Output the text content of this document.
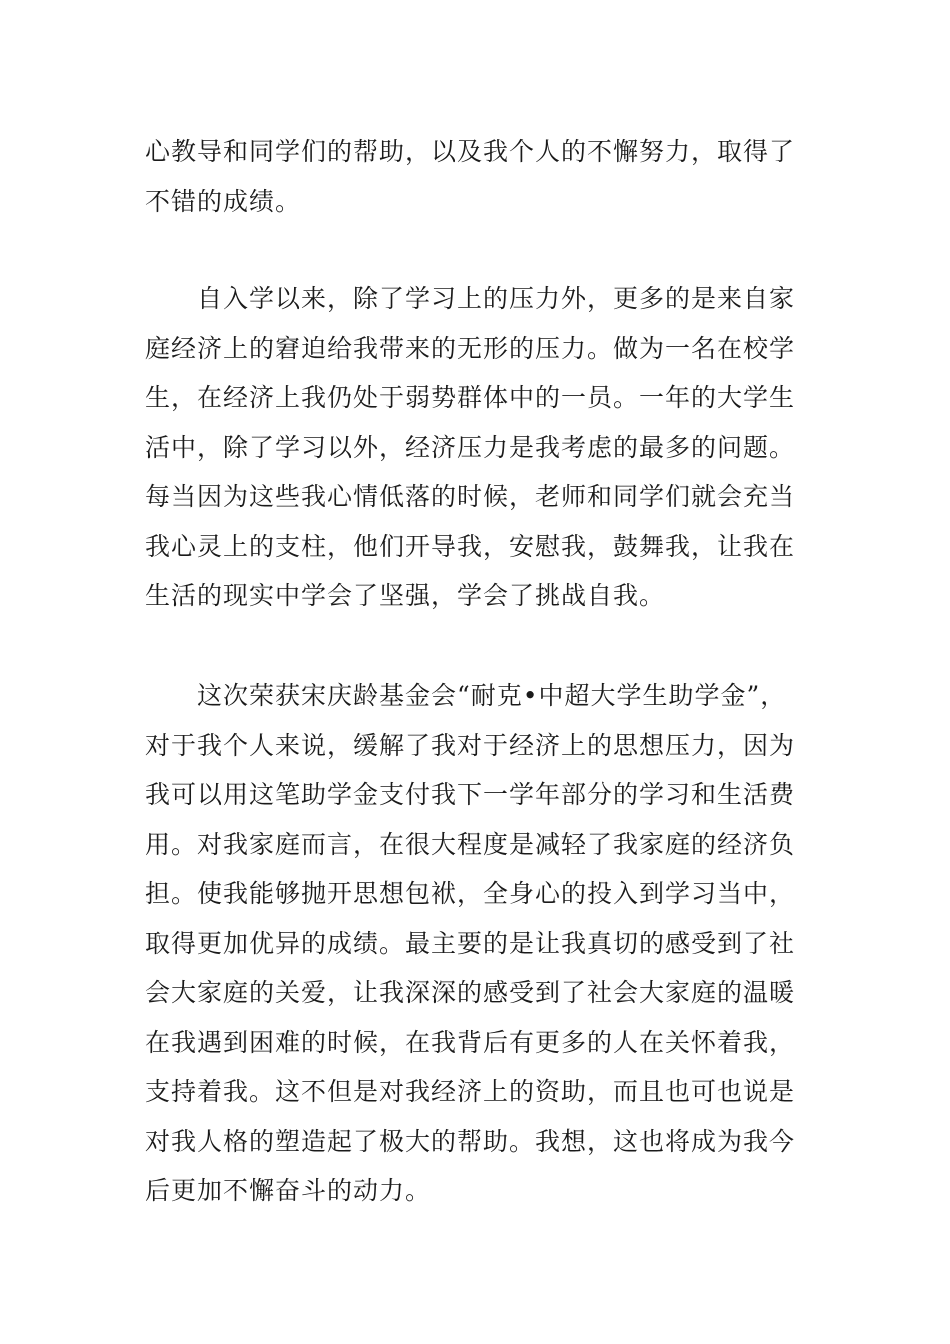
心教导和同学们的帮助，以及我个人的不懈努力，取得了
不错的成绩。
　　自入学以来，除了学习上的压力外，更多的是来自家
庭经济上的窘迫给我带来的无形的压力。做为一名在校学
生，在经济上我仍处于弱势群体中的一员。一年的大学生
活中，除了学习以外，经济压力是我考虑的最多的问题。
每当因为这些我心情低落的时候，老师和同学们就会充当
我心灵上的支柱，他们开导我，安慰我，鼓舞我，让我在
生活的现实中学会了坚强，学会了挑战自我。
　　这次荣获宋庆龄基金会“耐克•中超大学生助学金”，
对于我个人来说，缓解了我对于经济上的思想压力，因为
我可以用这笔助学金支付我下一学年部分的学习和生活费
用。对我家庭而言，在很大程度是减轻了我家庭的经济负
担。使我能够抛开思想包袱，全身心的投入到学习当中，
取得更加优异的成绩。最主要的是让我真切的感受到了社
会大家庭的关爱，让我深深的感受到了社会大家庭的温暖
在我遇到困难的时候，在我背后有更多的人在关怀着我，
支持着我。这不但是对我经济上的资助，而且也可也说是
对我人格的塑造起了极大的帮助。我想，这也将成为我今
后更加不懈奋斗的动力。
